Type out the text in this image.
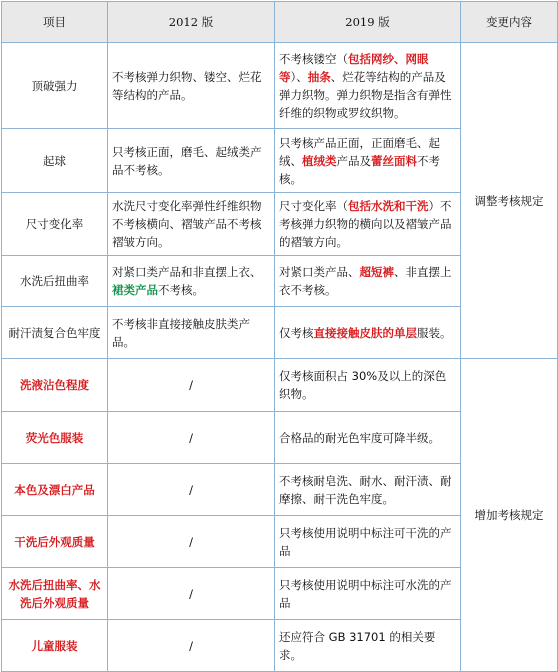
项目	2012 版	2019 版	变更内容
顶破强力	不考核弹力织物、镂空、烂花等结构的产品。	不考核镂空（包括网纱、网眼等）、抽条、烂花等结构的产品及弹力织物。弹力织物是指含有弹性纤维的织物或罗纹织物。	调整考核规定
起球	只考核正面，磨毛、起绒类产品不考核。	只考核产品正面，正面磨毛、起绒、植绒类产品及蕾丝面料不考核。	
尺寸变化率	水洗尺寸变化率弹性纤维织物不考核横向、褶皱产品不考核褶皱方向。	尺寸变化率（包括水洗和干洗）不考核弹力织物的横向以及褶皱产品的褶皱方向。	
水洗后扭曲率	对紧口类产品和非直摆上衣、裙类产品不考核。	对紧口类产品、超短裤、非直摆上衣不考核。	
耐汗渍复合色牢度	不考核非直接接触皮肤类产品。	仅考核直接接触皮肤的单层服装。	
洗液沾色程度	/	仅考核面积占 30%及以上的深色织物。	增加考核规定
荧光色服装	/	合格品的耐光色牢度可降半级。	
本色及漂白产品	/	不考核耐皂洗、耐水、耐汗渍、耐摩擦、耐干洗色牢度。	
干洗后外观质量	/	只考核使用说明中标注可干洗的产品	
水洗后扭曲率、水洗后外观质量	/	只考核使用说明中标注可水洗的产品	
儿童服装	/	还应符合 GB 31701 的相关要求。	
